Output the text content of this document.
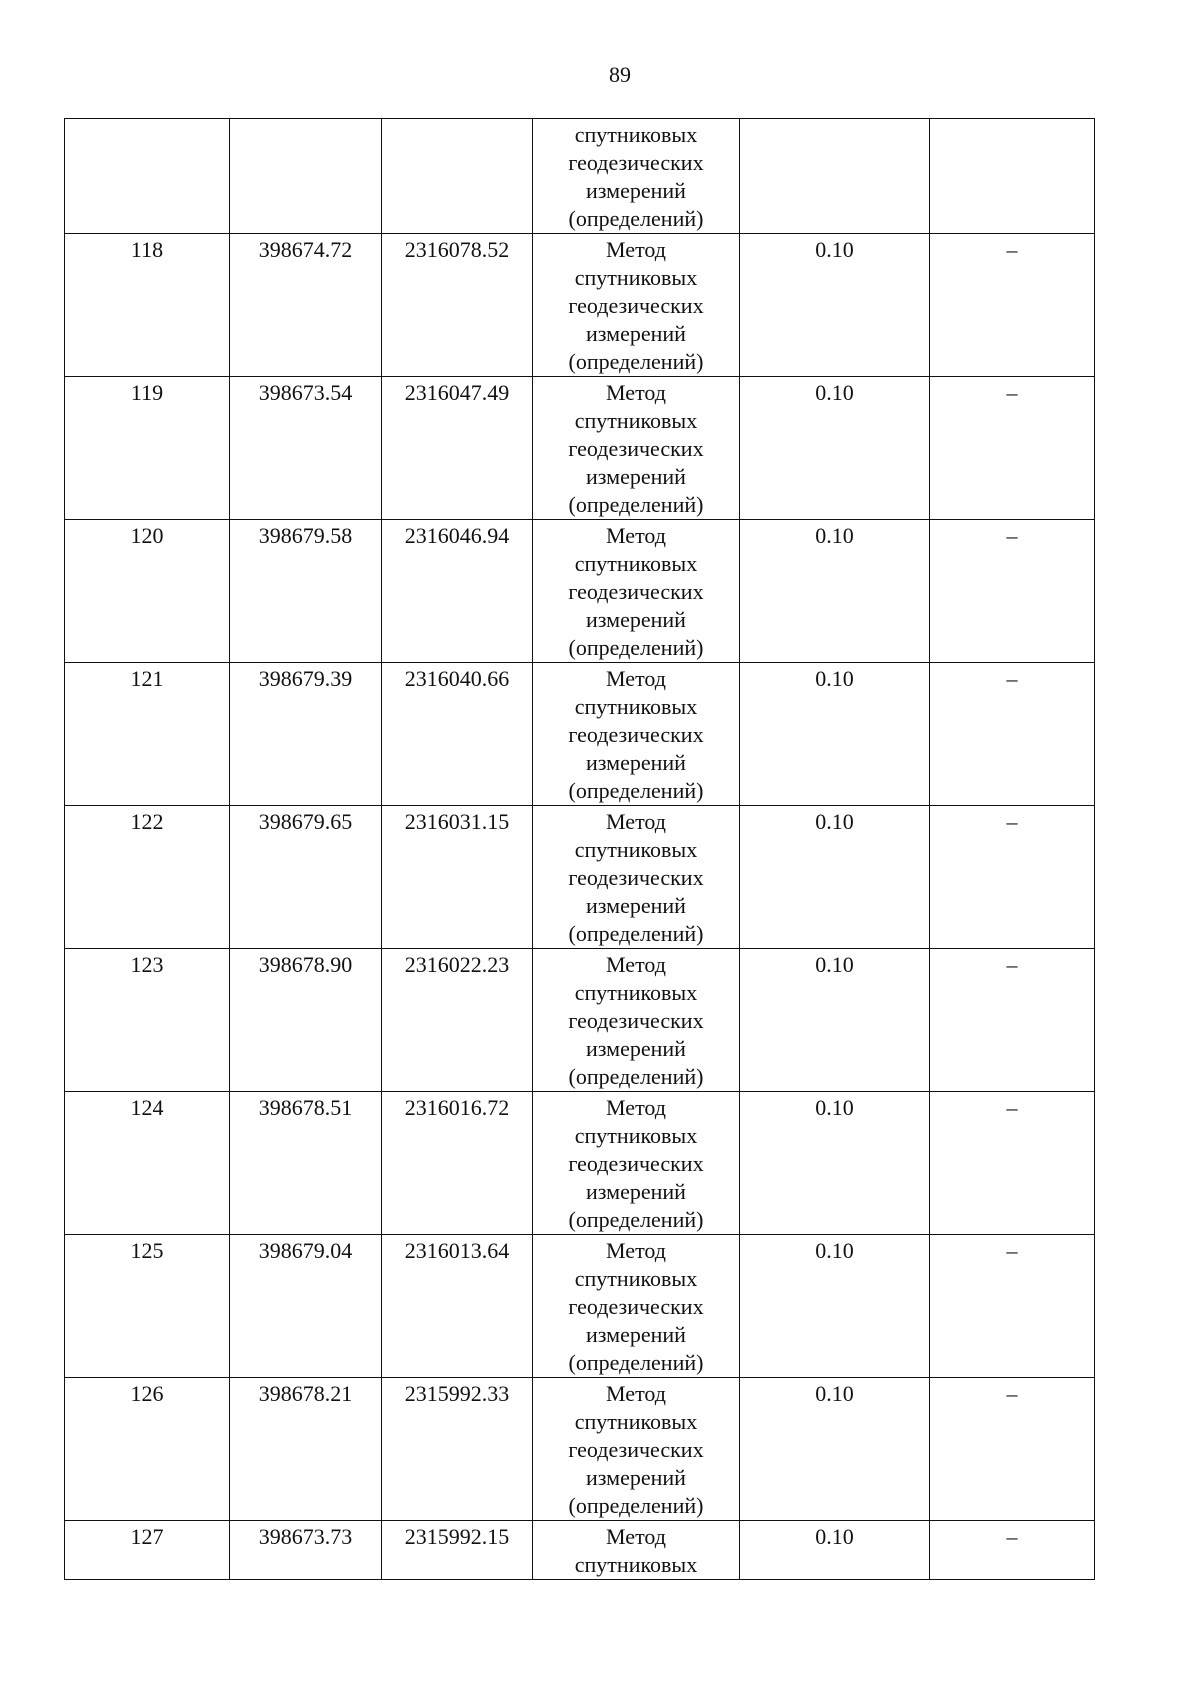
89

			спутниковых
геодезических
измерений
(определений)		

118	398674.72	2316078.52	Метод
спутниковых
геодезических
измерений
(определений)	0.10	–
119	398673.54	2316047.49	Метод
спутниковых
геодезических
измерений
(определений)	0.10	–
120	398679.58	2316046.94	Метод
спутниковых
геодезических
измерений
(определений)	0.10	–
121	398679.39	2316040.66	Метод
спутниковых
геодезических
измерений
(определений)	0.10	–
122	398679.65	2316031.15	Метод
спутниковых
геодезических
измерений
(определений)	0.10	–
123	398678.90	2316022.23	Метод
спутниковых
геодезических
измерений
(определений)	0.10	–
124	398678.51	2316016.72	Метод
спутниковых
геодезических
измерений
(определений)	0.10	–
125	398679.04	2316013.64	Метод
спутниковых
геодезических
измерений
(определений)	0.10	–
126	398678.21	2315992.33	Метод
спутниковых
геодезических
измерений
(определений)	0.10	–
127	398673.73	2315992.15	Метод
спутниковых	0.10	–
